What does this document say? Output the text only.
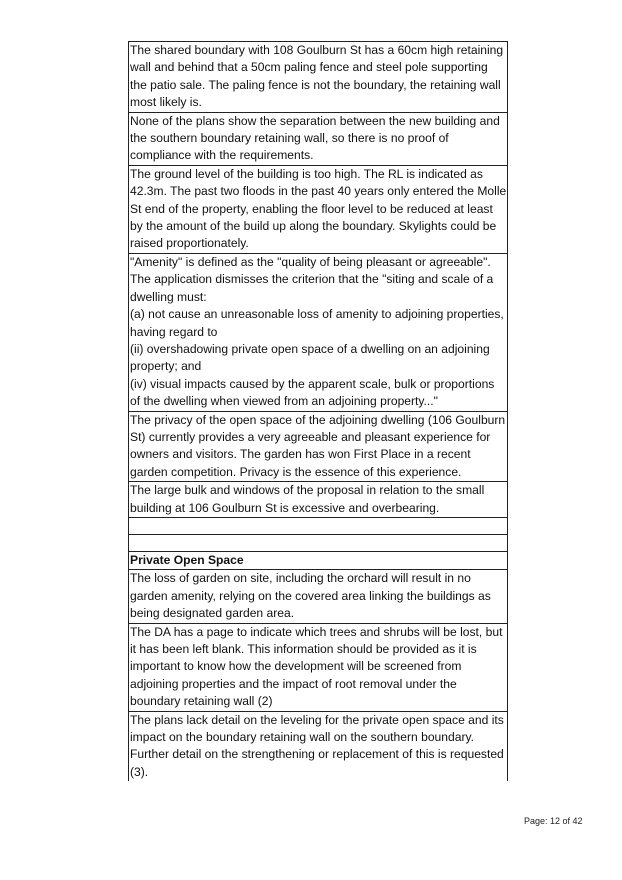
The shared boundary with 108 Goulburn St has a 60cm high retaining wall and behind that a 50cm paling fence and steel pole supporting the patio sale. The paling fence is not the boundary, the retaining wall most likely is.
None of the plans show the separation between the new building and the southern boundary retaining wall, so there is no proof of compliance with the requirements.
The ground level of the building is too high. The RL is indicated as 42.3m. The past two floods in the past 40 years only entered the Molle St end of the property, enabling the floor level to be reduced at least by the amount of the build up along the boundary. Skylights could be raised proportionately.
"Amenity" is defined as the "quality of being pleasant or agreeable".
The application dismisses the criterion that the "siting and scale of a dwelling must:
(a) not cause an unreasonable loss of amenity to adjoining properties, having regard to
(ii) overshadowing private open space of a dwelling on an adjoining property; and
(iv) visual impacts caused by the apparent scale, bulk or proportions of the dwelling when viewed from an adjoining property..."
The privacy of the open space of the adjoining dwelling (106 Goulburn St) currently provides a very agreeable and pleasant experience for owners and visitors. The garden has won First Place in a recent garden competition. Privacy is the essence of this experience.
The large bulk and windows of the proposal in relation to the small building at 106 Goulburn St is excessive and overbearing.

Private Open Space
The loss of garden on site, including the orchard will result in no garden amenity, relying on the covered area linking the buildings as being designated garden area.
The DA has a page to indicate which trees and shrubs will be lost, but it has been left blank. This information should be provided as it is important to know how the development will be screened from adjoining properties and the impact of root removal under the boundary retaining wall (2)
The plans lack detail on the leveling for the private open space and its impact on the boundary retaining wall on the southern boundary. Further detail on the strengthening or replacement of this is requested (3).
Page: 12 of 42
